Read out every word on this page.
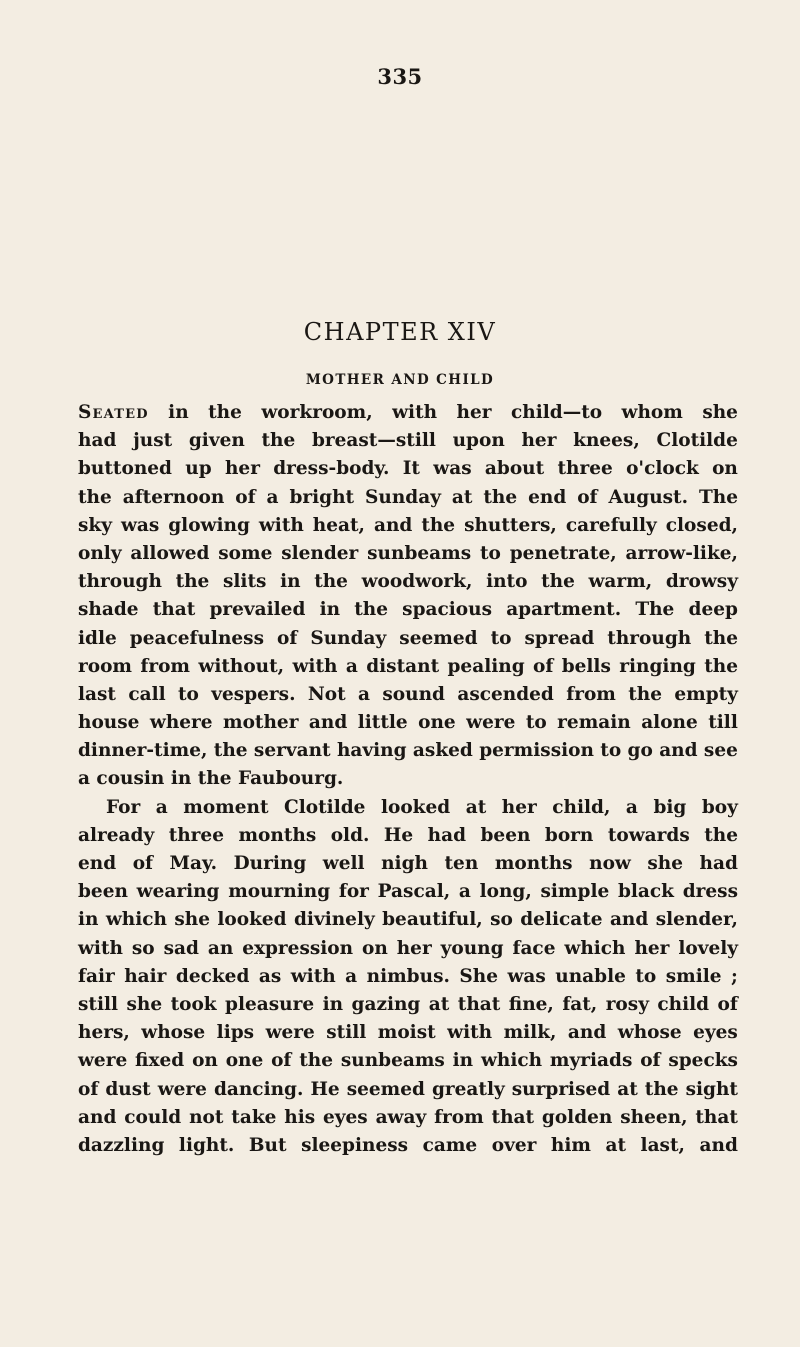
335
CHAPTER XIV
MOTHER AND CHILD
Seated in the workroom, with her child—to whom she
had just given the breast—still upon her knees, Clotilde
buttoned up her dress-body. It was about three o'clock on
the afternoon of a bright Sunday at the end of August. The
sky was glowing with heat, and the shutters, carefully closed,
only allowed some slender sunbeams to penetrate, arrow-like,
through the slits in the woodwork, into the warm, drowsy
shade that prevailed in the spacious apartment. The deep
idle peacefulness of Sunday seemed to spread through the
room from without, with a distant pealing of bells ringing the
last call to vespers. Not a sound ascended from the empty
house where mother and little one were to remain alone till
dinner-time, the servant having asked permission to go and see
a cousin in the Faubourg.
For a moment Clotilde looked at her child, a big boy
already three months old. He had been born towards the
end of May. During well nigh ten months now she had
been wearing mourning for Pascal, a long, simple black dress
in which she looked divinely beautiful, so delicate and slender,
with so sad an expression on her young face which her lovely
fair hair decked as with a nimbus. She was unable to smile ;
still she took pleasure in gazing at that fine, fat, rosy child of
hers, whose lips were still moist with milk, and whose eyes
were fixed on one of the sunbeams in which myriads of specks
of dust were dancing. He seemed greatly surprised at the sight
and could not take his eyes away from that golden sheen, that
dazzling light. But sleepiness came over him at last, and
